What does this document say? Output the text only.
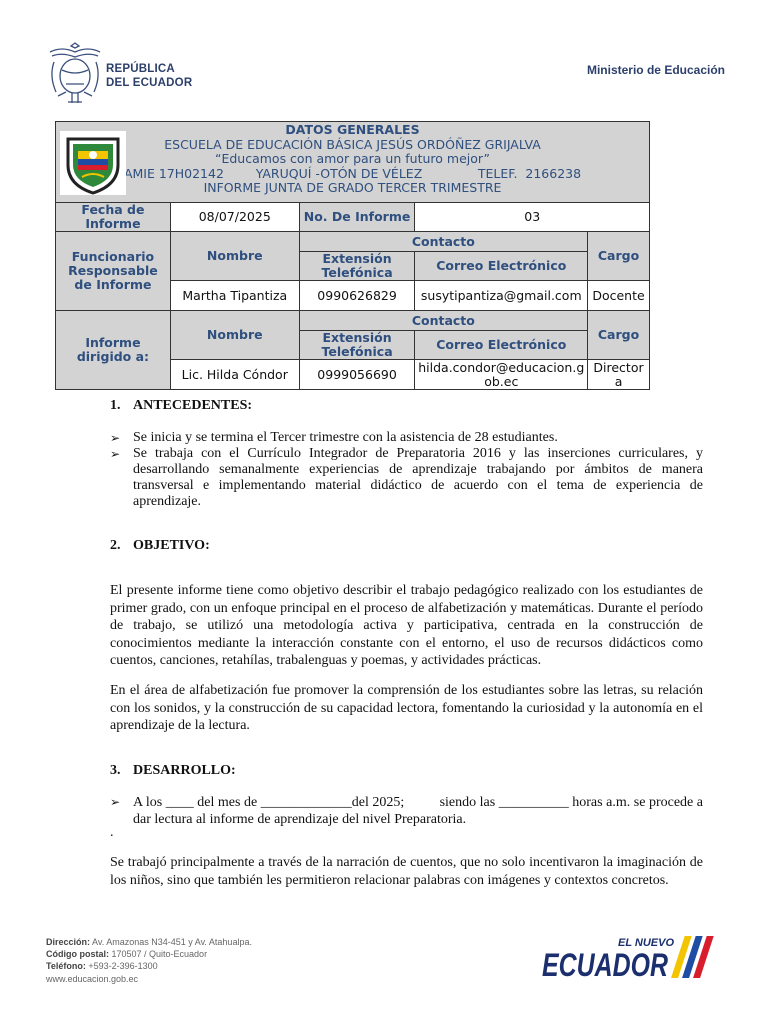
REPÚBLICA
DEL ECUADOR
Ministerio de Educación
DATOS GENERALES
ESCUELA DE EDUCACIÓN BÁSICA JESÚS ORDÓÑEZ GRIJALVA
“Educamos con amor para un futuro mejor”
AMIE 17H02142        YARUQUÍ -OTÓN DE VÉLEZ              TELEF.  2166238
INFORME JUNTA DE GRADO TERCER TRIMESTRE				

Fecha de Informe	08/07/2025	No. De Informe	03	
Funcionario Responsable de Informe	Nombre	Contacto		Cargo
		Extensión Telefónica	Correo Electrónico	
	Martha Tipantiza	0990626829	susytipantiza@gmail.com	Docente
Informe dirigido a:	Nombre	Contacto		Cargo
		Extensión Telefónica	Correo Electrónico	
	Lic. Hilda Cóndor	0999056690	hilda.condor@educacion.gob.ec	Directora
1. ANTECEDENTES:
➢ Se inicia y se termina el Tercer trimestre con la asistencia de 28 estudiantes.
➢ Se trabaja con el Currículo Integrador de Preparatoria 2016 y las inserciones curriculares, y desarrollando semanalmente experiencias de aprendizaje trabajando por ámbitos de manera transversal e implementando material didáctico de acuerdo con el tema de experiencia de aprendizaje.
2. OBJETIVO:
El presente informe tiene como objetivo describir el trabajo pedagógico realizado con los estudiantes de primer grado, con un enfoque principal en el proceso de alfabetización y matemáticas. Durante el período de trabajo, se utilizó una metodología activa y participativa, centrada en la construcción de conocimientos mediante la interacción constante con el entorno, el uso de recursos didácticos como cuentos, canciones, retahílas, trabalenguas y poemas, y actividades prácticas.
En el área de alfabetización fue promover la comprensión de los estudiantes sobre las letras, su relación con los sonidos, y la construcción de su capacidad lectora, fomentando la curiosidad y la autonomía en el aprendizaje de la lectura.
3. DESARROLLO:
➢ A los ____ del mes de _____________del 2025;          siendo las __________ horas a.m. se procede a dar lectura al informe de aprendizaje del nivel Preparatoria.
.
Se trabajó principalmente a través de la narración de cuentos, que no solo incentivaron la imaginación de los niños, sino que también les permitieron relacionar palabras con imágenes y contextos concretos.
Dirección: Av. Amazonas N34-451 y Av. Atahualpa.
Código postal: 170507 / Quito-Ecuador
Teléfono: +593-2-396-1300
www.educacion.gob.ec
EL NUEVO
ECUADOR
